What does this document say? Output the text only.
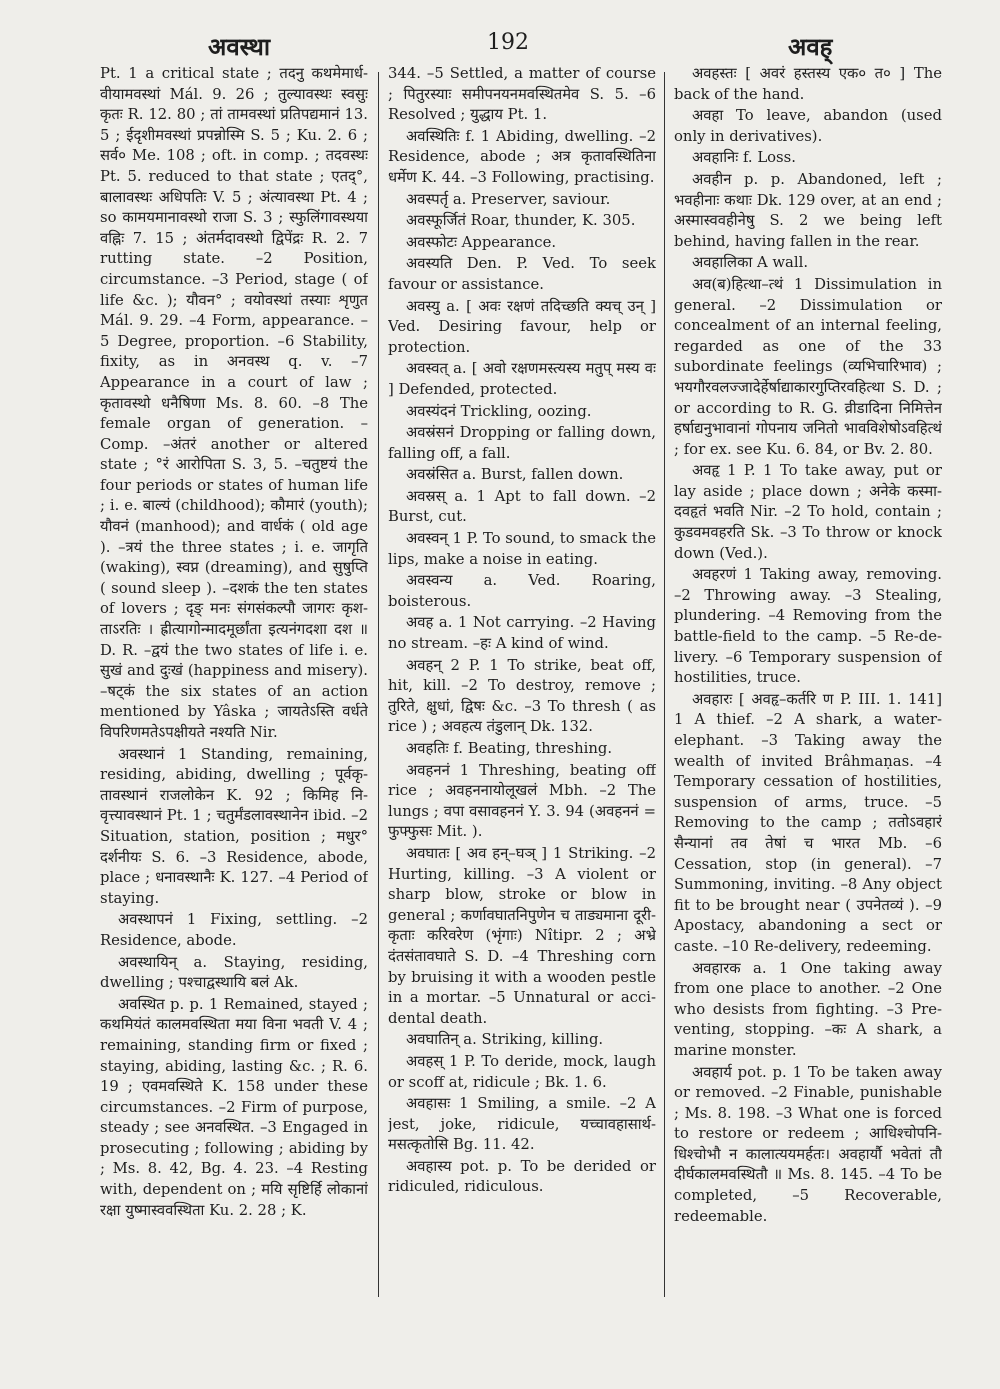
अवस्था	192	अवह्

Pt. 1 a critical state ; तदनु कथमेमार्धवीयामवस्थां Mál. 9. 26 ; तुल्यावस्थः स्वसुः कृतः R. 12. 80 ; तां तामवस्थां प्रतिपद्यमानं 13. 5 ; ईदृशीमवस्थां प्रपन्नोस्मि S. 5 ; Ku. 2. 6 ; सर्व० Me. 108 ; oft. in comp. ; तदवस्थः Pt. 5. reduced to that state ; एतद्°, बालावस्थः अधिपतिः V. 5 ; अंत्यावस्था Pt. 4 ; so कामयमानावस्थो राजा S. 3 ; स्फुलिंगावस्थया वह्निः 7. 15 ; अंतर्मदावस्थो द्विपेंद्रः R. 2. 7 rutting state. –2 Position, circumstance. –3 Period, stage ( of life &c. ); यौवन° ; वयोवस्थां तस्याः शृणुत Mál. 9. 29. –4 Form, appearance. –5 Degree, proportion. –6 Stability, fixity, as in अनवस्थ q. v. –7 Appearance in a court of law ; कृतावस्थो धनैषिणा Ms. 8. 60. –8 The female organ of generation. –Comp. –अंतरं another or altered state ; °रं आरोपिता S. 3, 5. –चतुष्टयं the four periods or states of human life ; i. e. बाल्यं (childhood); कौमारं (youth); यौवनं (manhood); and वार्धकं ( old age ). –त्रयं the three states ; i. e. जागृति (waking), स्वप्न (dreaming), and सुषुप्ति ( sound sleep ). –दशकं the ten states of lovers ; दृङ् मनः संगसंकल्पौ जागरः कृशताऽरतिः । ह्रीत्यागोन्मादमूर्छांता इत्यनंगदशा दश ॥ D. R. –द्वयं the two states of life i. e. सुखं and दुःखं (happiness and misery). –षट्कं the six states of an action mentioned by Yâska ; जायतेऽस्ति वर्धते विपरिणमतेऽपक्षीयते नश्यति Nir.

अवस्थानं 1 Standing, remaining, residing, abiding, dwelling ; पूर्वकृतावस्थानं राजलोकेन K. 92 ; किमिह निवृत्त्यावस्थानं Pt. 1 ; चतुर्मंडलावस्थानेन ibid. –2 Situation, station, position ; मधुर° दर्शनीयः S. 6. –3 Residence, abode, place ; धनावस्थानैः K. 127. –4 Period of staying.

अवस्थापनं 1 Fixing, settling. –2 Residence, abode.

अवस्थायिन् a. Staying, residing, dwelling ; पश्चाद्वस्थायि बलं Ak.

अवस्थित p. p. 1 Remained, stayed ; कथमियंतं कालमवस्थिता मया विना भवती V. 4 ; remaining, standing firm or fixed ; staying, abiding, lasting &c. ; R. 6. 19 ; एवमवस्थिते K. 158 under these circumstances. –2 Firm of purpose, steady ; see अनवस्थित. –3 Engaged in prosecuting ; following ; abiding by ; Ms. 8. 42, Bg. 4. 23. –4 Resting with, dependent on ; मयि सृष्टिर्हि लोकानां रक्षा युष्मास्ववस्थिता Ku. 2. 28 ; K.

344. –5 Settled, a matter of course ; पितुरस्याः समीपनयनमवस्थितमेव S. 5. –6 Resolved ; युद्धाय Pt. 1.

अवस्थितिः f. 1 Abiding, dwelling. –2 Residence, abode ; अत्र कृतावस्थितिना धर्मेण K. 44. –3 Following, practising.

अवस्पर्तृ a. Preserver, saviour.

अवस्फूर्जितं Roar, thunder, K. 305.

अवस्फोटः Appearance.

अवस्यति Den. P. Ved. To seek favour or assistance.

अवस्यु a. [ अवः रक्षणं तदिच्छति क्यच् उन् ] Ved. Desiring favour, help or protection.

अवस्वत् a. [ अवो रक्षणमस्त्यस्य मतुप् मस्य वः ] Defended, protected.

अवस्यंदनं Trickling, oozing.

अवस्रंसनं Dropping or falling down, falling off, a fall.

अवस्रंसित a. Burst, fallen down.

अवस्रस् a. 1 Apt to fall down. –2 Burst, cut.

अवस्वन् 1 P. To sound, to smack the lips, make a noise in eating.

अवस्वन्य a. Ved. Roaring, boisterous.

अवह a. 1 Not carrying. –2 Having no stream. –हः A kind of wind.

अवहन् 2 P. 1 To strike, beat off, hit, kill. –2 To destroy, remove ; तुरिते, क्षुधां, द्विषः &c. –3 To thresh ( as rice ) ; अवहत्य तंडुलान् Dk. 132.

अवहतिः f. Beating, threshing.

अवहननं 1 Threshing, beating off rice ; अवहननायोलूखलं Mbh. –2 The lungs ; वपा वसावहननं Y. 3. 94 (अवहननं = फुफ्फुसः Mit. ).

अवघातः [ अव हन्–घञ् ] 1 Striking. –2 Hurting, killing. –3 A violent or sharp blow, stroke or blow in general ; कर्णावघातनिपुणेन च ताड्यमाना दूरीकृताः करिवरेण (भृंगाः) Nîtipr. 2 ; अभ्रे दंतसंतावघाते S. D. –4 Threshing corn by bruising it with a wooden pestle in a mortar. –5 Unnatural or accidental death.

अवघातिन् a. Striking, killing.

अवहस् 1 P. To deride, mock, laugh or scoff at, ridicule ; Bk. 1. 6.

अवहासः 1 Smiling, a smile. –2 A jest, joke, ridicule, यच्चावहासार्थमसत्कृतोसि Bg. 11. 42.

अवहास्य pot. p. To be derided or ridiculed, ridiculous.

अवहस्तः [ अवरं हस्तस्य एक० त० ] The back of the hand.

अवहा To leave, abandon (used only in derivatives).

अवहानिः f. Loss.

अवहीन p. p. Abandoned, left ; भवहीनाः कथाः Dk. 129 over, at an end ; अस्मास्ववहीनेषु S. 2 we being left behind, having fallen in the rear.

अवहालिका A wall.

अव(ब)हित्था–त्थं 1 Dissimulation in general. –2 Dissimulation or concealment of an internal feeling, regarded as one of the 33 subordinate feelings (व्यभिचारिभाव) ; भयगौरवलज्जादेर्हेर्षाद्याकारगुप्तिरवहित्था S. D. ; or according to R. G. व्रीडादिना निमित्तेन हर्षाद्यनुभावानां गोपनाय जनितो भावविशेषोऽवहित्थं ; for ex. see Ku. 6. 84, or Bv. 2. 80.

अवहृ 1 P. 1 To take away, put or lay aside ; place down ; अनेके कस्मादवहृतं भवति Nir. –2 To hold, contain ; कुडवमवहरति Sk. –3 To throw or knock down (Ved.).

अवहरणं 1 Taking away, removing. –2 Throwing away. –3 Stealing, plundering. –4 Removing from the battle-field to the camp. –5 Re-delivery. –6 Temporary suspension of hostilities, truce.

अवहारः [ अवहृ–कर्तरि ण P. III. 1. 141] 1 A thief. –2 A shark, a water-elephant. –3 Taking away the wealth of invited Brâhmaṇas. –4 Temporary cessation of hostilities, suspension of arms, truce. –5 Removing to the camp ; ततोऽवहारं सैन्यानां तव तेषां च भारत Mb. –6 Cessation, stop (in general). –7 Summoning, inviting. –8 Any object fit to be brought near ( उपनेतव्यं ). –9 Apostacy, abandoning a sect or caste. –10 Re-delivery, redeeming.

अवहारक a. 1 One taking away from one place to another. –2 One who desists from fighting. –3 Preventing, stopping. –कः A shark, a marine monster.

अवहार्य pot. p. 1 To be taken away or removed. –2 Finable, punishable ; Ms. 8. 198. –3 What one is forced to restore or redeem ; आधिश्चोपनिधिश्चोभौ न कालात्ययमर्हतः। अवहार्यौ भवेतां तौ दीर्घकालमवस्थितौ ॥ Ms. 8. 145. –4 To be completed, –5 Recoverable, redeemable.
